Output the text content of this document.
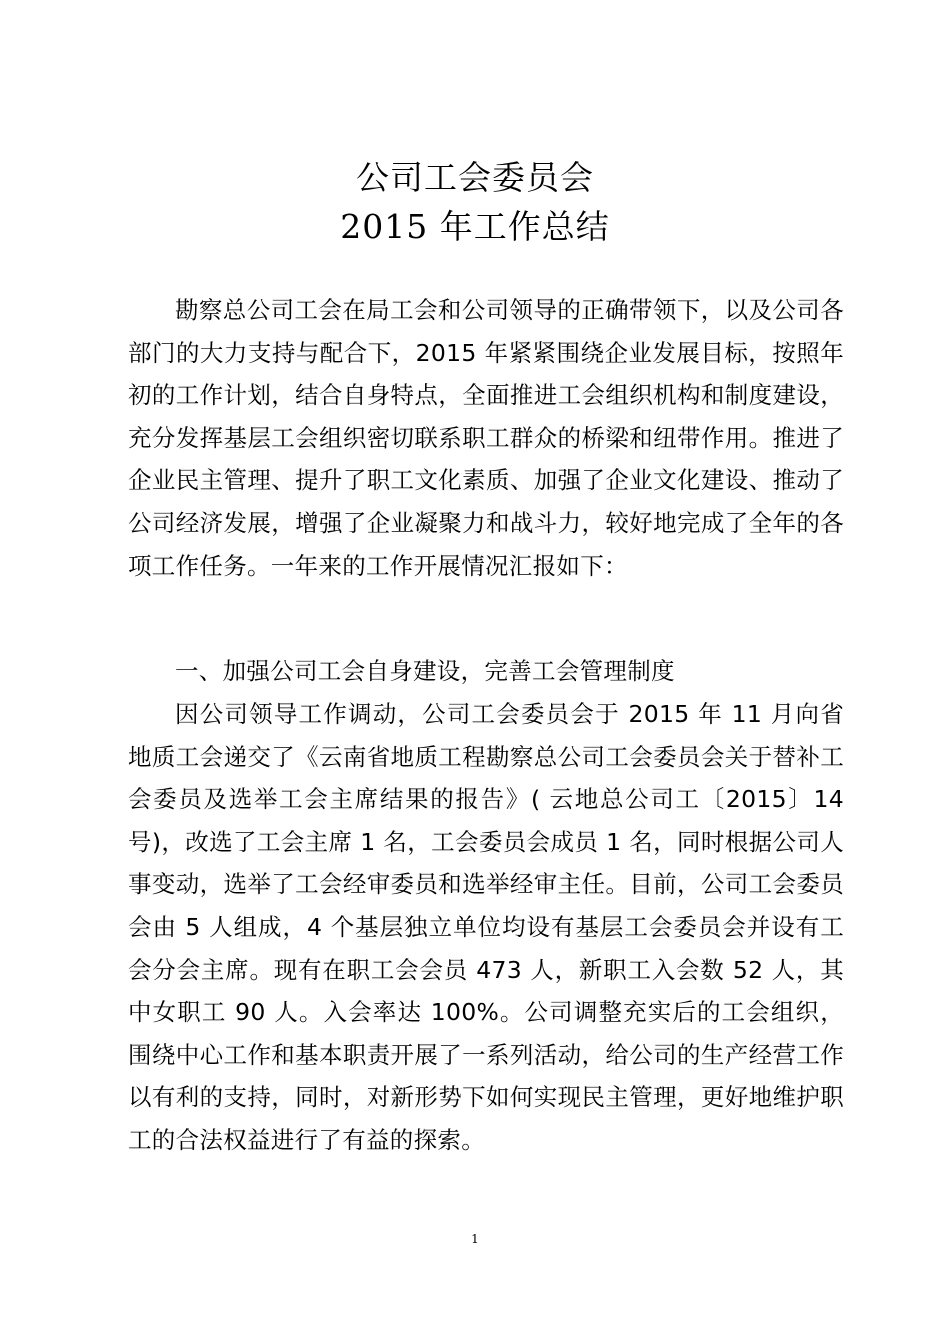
公司工会委员会
2015 年工作总结
勘察总公司工会在局工会和公司领导的正确带领下，以及公司各部门的大力支持与配合下，2015 年紧紧围绕企业发展目标，按照年初的工作计划，结合自身特点，全面推进工会组织机构和制度建设，充分发挥基层工会组织密切联系职工群众的桥梁和纽带作用。推进了企业民主管理、提升了职工文化素质、加强了企业文化建设、推动了公司经济发展，增强了企业凝聚力和战斗力，较好地完成了全年的各项工作任务。一年来的工作开展情况汇报如下：
一、加强公司工会自身建设，完善工会管理制度
因公司领导工作调动，公司工会委员会于 2015 年 11 月向省地质工会递交了《云南省地质工程勘察总公司工会委员会关于替补工会委员及选举工会主席结果的报告》( 云地总公司工〔2015〕14 号)，改选了工会主席 1 名，工会委员会成员 1 名，同时根据公司人事变动，选举了工会经审委员和选举经审主任。目前，公司工会委员会由 5 人组成，4 个基层独立单位均设有基层工会委员会并设有工会分会主席。现有在职工会会员 473 人，新职工入会数 52 人，其中女职工 90 人。入会率达 100%。公司调整充实后的工会组织，围绕中心工作和基本职责开展了一系列活动，给公司的生产经营工作以有利的支持，同时，对新形势下如何实现民主管理，更好地维护职工的合法权益进行了有益的探索。
1
